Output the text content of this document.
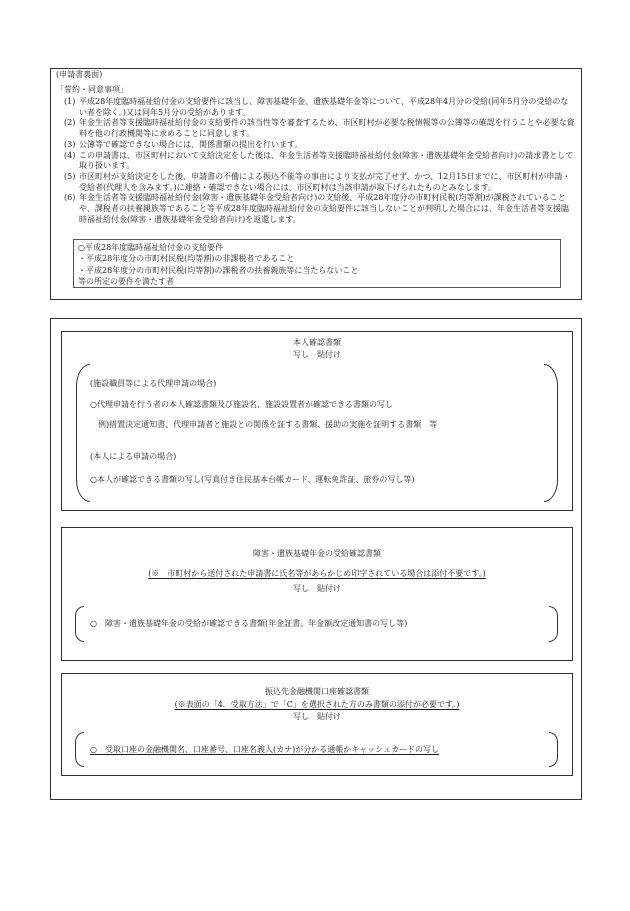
(申請書裏面)
「誓約・同意事項」
(1) 平成28年度臨時福祉給付金の支給要件に該当し、障害基礎年金、遺族基礎年金等について、平成28年4月分の受給(同年5月分の受給のない者を除く。)又は同年5月分の受給があります。
(2) 年金生活者等支援臨時福祉給付金の支給要件の該当性等を審査するため、市区町村が必要な税情報等の公簿等の確認を行うことや必要な資料を他の行政機関等に求めることに同意します。
(3) 公簿等で確認できない場合には、関係書類の提出を行います。
(4) この申請書は、市区町村において支給決定をした後は、年金生活者等支援臨時福祉給付金(障害・遺族基礎年金受給者向け)の請求書として取り扱います。
(5) 市区町村が支給決定をした後、申請書の不備による振込不能等の事由により支払が完了せず、かつ、12月15日までに、市区町村が申請・受給者(代理人を含みます。)に連絡・確認できない場合には、市区町村は当該申請が取下げられたものとみなします。
(6) 年金生活者等支援臨時福祉給付金(障害・遺族基礎年金受給者向け)の支給後、平成28年度分の市町村民税(均等割)が課税されていることや、課税者の扶養親族等であること等平成28年度臨時福祉給付金の支給要件に該当しないことが判明した場合には、年金生活者等支援臨時福祉給付金(障害・遺族基礎年金受給者向け)を返還します。
○平成28年度臨時福祉給付金の支給要件
・平成28年度分の市町村民税(均等割)の非課税者であること
・平成28年度分の市町村民税(均等割)の課税者の扶養親族等に当たらないこと
等の所定の要件を満たす者
本人確認書類
写し　貼付け
(施設職員等による代理申請の場合)
○代理申請を行う者の本人確認書類及び施設名、施設設置者が確認できる書類の写し
例)措置決定通知書、代理申請者と施設との関係を証する書類、援助の実施を証明する書類　等
(本人による申請の場合)
○本人が確認できる書類の写し(写真付き住民基本台帳カード、運転免許証、旅券の写し等)
障害・遺族基礎年金の受給確認書類
(※　市町村から送付された申請書に氏名等があらかじめ印字されている場合は添付不要です。)
写し　貼付け
○　障害・遺族基礎年金の受給が確認できる書類(年金証書、年金額改定通知書の写し等)
振込先金融機関口座確認書類
(※表面の「4．受取方法」で「C」を選択された方のみ書類の添付が必要です。)
写し　貼付け
○　受取口座の金融機関名、口座番号、口座名義人(カナ)が分かる通帳かキャッシュカードの写し
